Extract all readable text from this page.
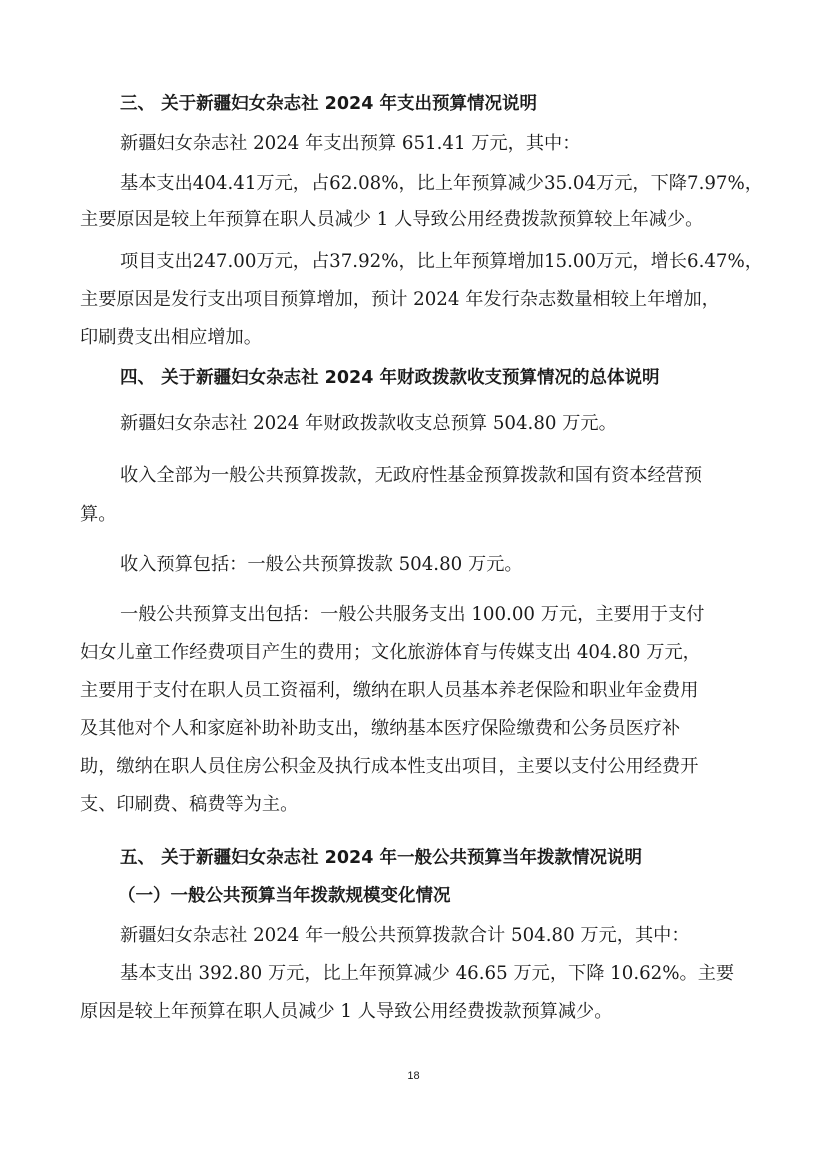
三、 关于新疆妇女杂志社 2024 年支出预算情况说明
新疆妇女杂志社 2024 年支出预算 651.41 万元，其中：
基本支出404.41万元，占62.08%，比上年预算减少35.04万元，下降7.97%，
主要原因是较上年预算在职人员减少 1 人导致公用经费拨款预算较上年减少。
项目支出247.00万元，占37.92%，比上年预算增加15.00万元，增长6.47%，
主要原因是发行支出项目预算增加，预计 2024 年发行杂志数量相较上年增加，
印刷费支出相应增加。
四、 关于新疆妇女杂志社 2024 年财政拨款收支预算情况的总体说明
新疆妇女杂志社 2024 年财政拨款收支总预算 504.80 万元。
收入全部为一般公共预算拨款，无政府性基金预算拨款和国有资本经营预
算。
收入预算包括：一般公共预算拨款 504.80 万元。
一般公共预算支出包括：一般公共服务支出 100.00 万元，主要用于支付
妇女儿童工作经费项目产生的费用；文化旅游体育与传媒支出 404.80 万元，
主要用于支付在职人员工资福利，缴纳在职人员基本养老保险和职业年金费用
及其他对个人和家庭补助补助支出，缴纳基本医疗保险缴费和公务员医疗补
助，缴纳在职人员住房公积金及执行成本性支出项目，主要以支付公用经费开
支、印刷费、稿费等为主。
五、 关于新疆妇女杂志社 2024 年一般公共预算当年拨款情况说明
（一）一般公共预算当年拨款规模变化情况
新疆妇女杂志社 2024 年一般公共预算拨款合计 504.80 万元，其中：
基本支出 392.80 万元，比上年预算减少 46.65 万元，下降 10.62%。主要
原因是较上年预算在职人员减少 1 人导致公用经费拨款预算减少。
18
